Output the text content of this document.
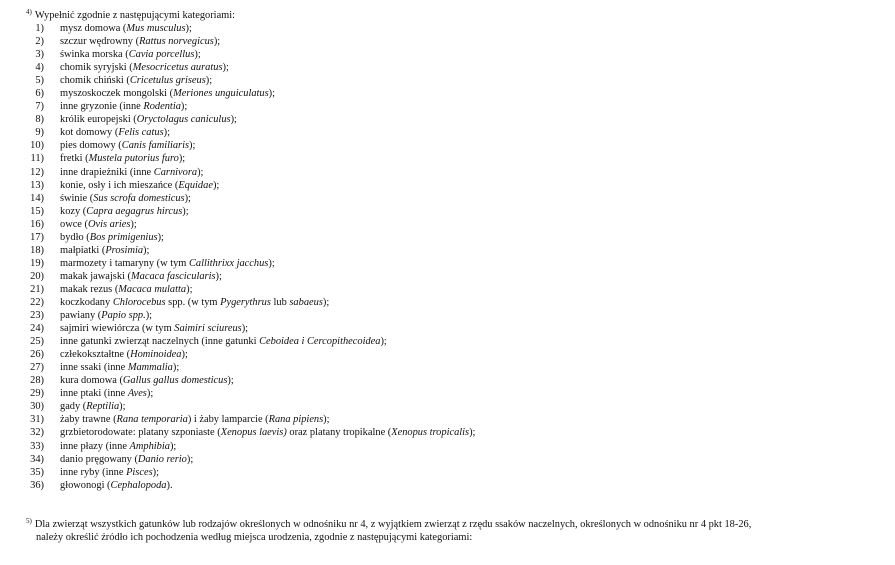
$^{4)}$ Wypełnić zgodnie z następującymi kategoriami:
1) mysz domowa (Mus musculus);
2) szczur wędrowny (Rattus norvegicus);
3) świnka morska (Cavia porcellus);
4) chomik syryjski (Mesocricetus auratus);
5) chomik chiński (Cricetulus griseus);
6) myszoskoczek mongolski (Meriones unguiculatus);
7) inne gryzonie (inne Rodentia);
8) królik europejski (Oryctolagus caniculus);
9) kot domowy (Felis catus);
10) pies domowy (Canis familiaris);
11) fretki (Mustela putorius furo);
12) inne drapieżniki (inne Carnivora);
13) konie, osły i ich mieszańce (Equidae);
14) świnie (Sus scrofa domesticus);
15) kozy (Capra aegagrus hircus);
16) owce (Ovis aries);
17) bydło (Bos primigenius);
18) małpiatki (Prosimia);
19) marmozety i tamaryny (w tym Callithrixx jacchus);
20) makak jawajski (Macaca fascicularis);
21) makak rezus (Macaca mulatta);
22) koczkodany Chlorocebus spp. (w tym Pygerythrus lub sabaeus);
23) pawiany (Papio spp.);
24) sajmiri wiewiórcza (w tym Saimiri sciureus);
25) inne gatunki zwierząt naczelnych (inne gatunki Ceboidea i Cercopithecoidea);
26) człekokształtne (Hominoidea);
27) inne ssaki (inne Mammalia);
28) kura domowa (Gallus gallus domesticus);
29) inne ptaki (inne Aves);
30) gady (Reptilia);
31) żaby trawne (Rana temporaria) i żaby lamparcie (Rana pipiens);
32) grzbietorodowate: platany szponiaste (Xenopus laevis) oraz platany tropikalne (Xenopus tropicalis);
33) inne płazy (inne Amphibia);
34) danio pręgowany (Danio rerio);
35) inne ryby (inne Pisces);
36) głowonogi (Cephalopoda).
$^{5)}$ Dla zwierząt wszystkich gatunków lub rodzajów określonych w odnośniku nr 4, z wyjątkiem zwierząt z rzędu ssaków naczelnych, określonych w odnośniku nr 4 pkt 18-26,
należy określić źródło ich pochodzenia według miejsca urodzenia, zgodnie z następującymi kategoriami:
